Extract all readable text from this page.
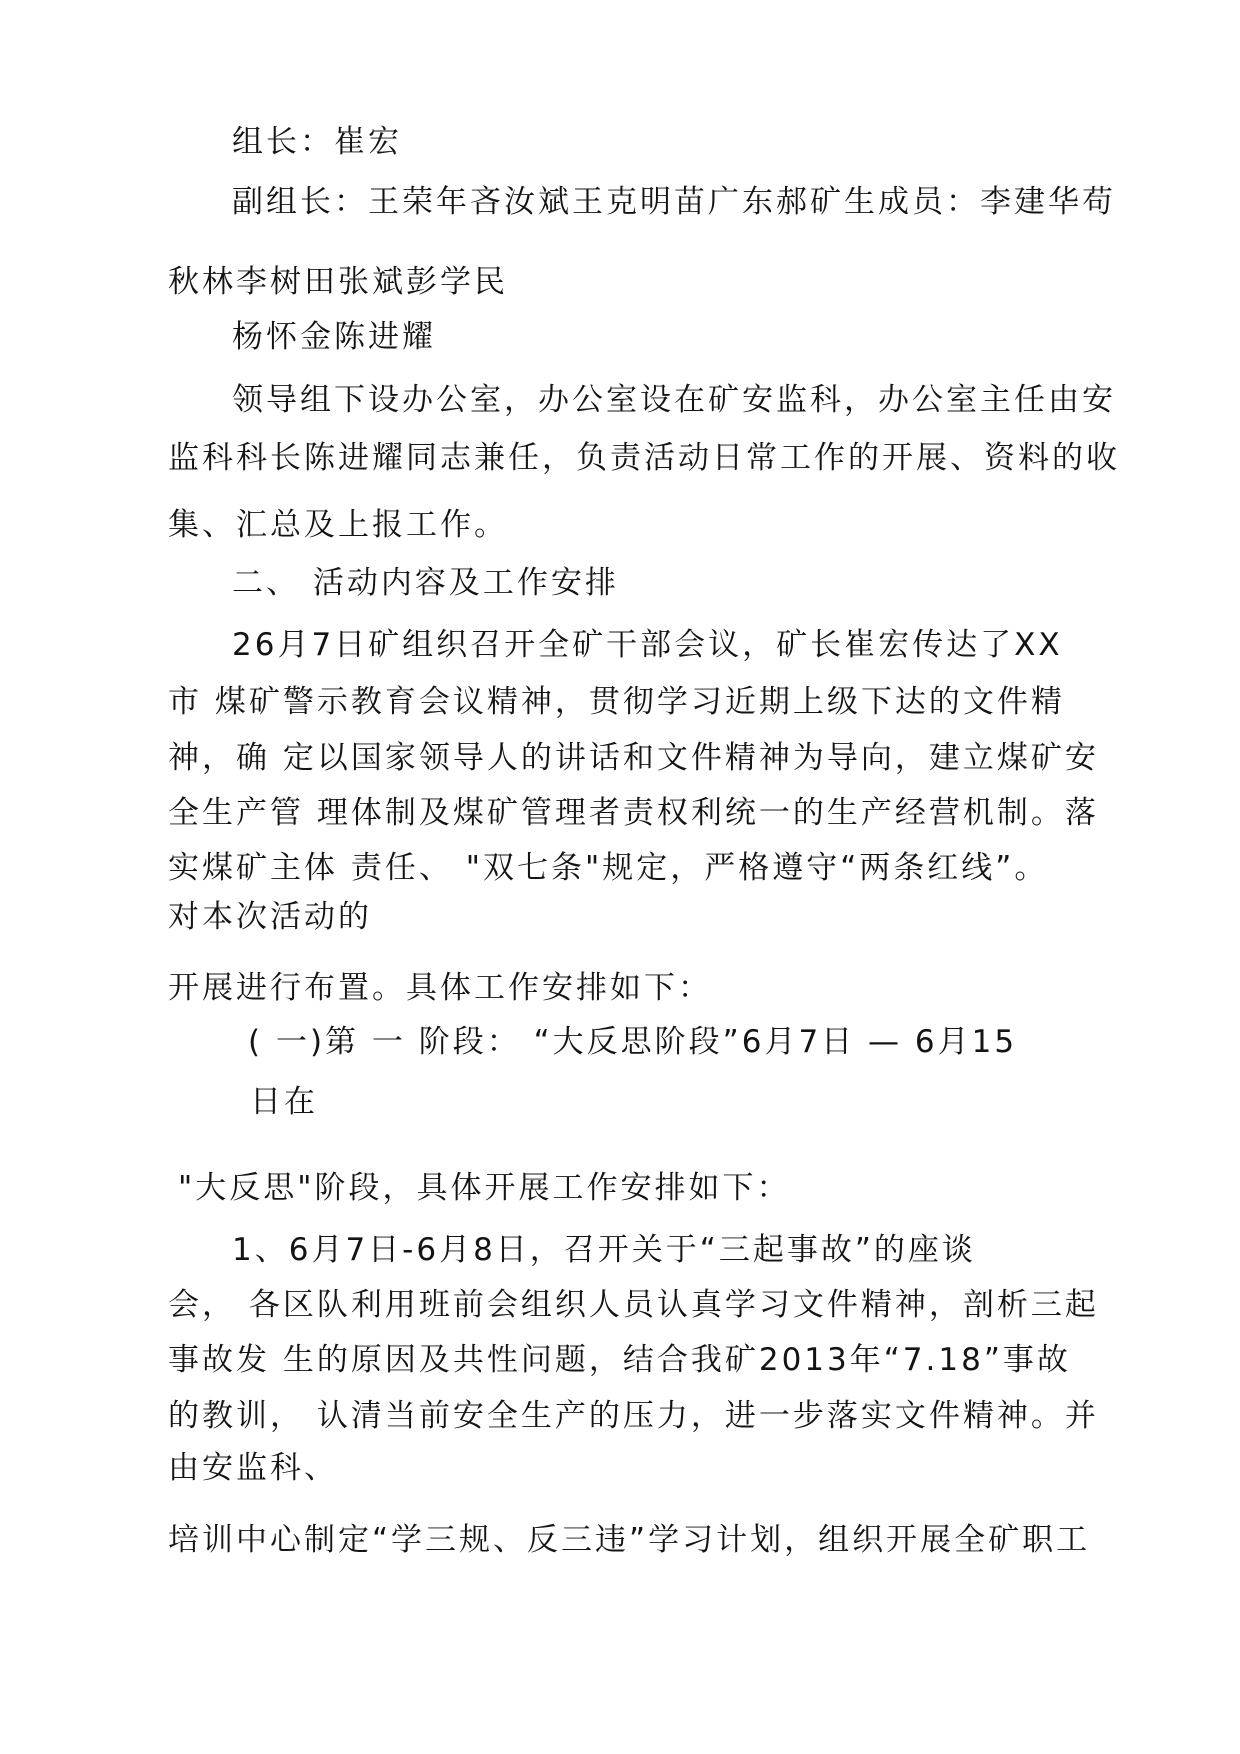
组长：崔宏
副组长：王荣年吝汝斌王克明苗广东郝矿生成员：李建华苟
秋林李树田张斌彭学民
杨怀金陈进耀
领导组下设办公室，办公室设在矿安监科，办公室主任由安
监科科长陈进耀同志兼任，负责活动日常工作的开展、资料的收
集、汇总及上报工作。
二、 活动内容及工作安排
26月7日矿组织召开全矿干部会议，矿长崔宏传达了XX
市 煤矿警示教育会议精神，贯彻学习近期上级下达的文件精
神，确 定以国家领导人的讲话和文件精神为导向，建立煤矿安
全生产管 理体制及煤矿管理者责权利统一的生产经营机制。落
实煤矿主体 责任、 "双七条"规定，严格遵守“两条红线”。
对本次活动的
开展进行布置。具体工作安排如下：
( 一)第 一 阶段： “大反思阶段”6月7日 — 6月15
日在
"大反思"阶段，具体开展工作安排如下：
1、6月7日-6月8日，召开关于“三起事故”的座谈
会， 各区队利用班前会组织人员认真学习文件精神，剖析三起
事故发 生的原因及共性问题，结合我矿2013年“7.18”事故
的教训， 认清当前安全生产的压力，进一步落实文件精神。并
由安监科、
培训中心制定“学三规、反三违”学习计划，组织开展全矿职工
